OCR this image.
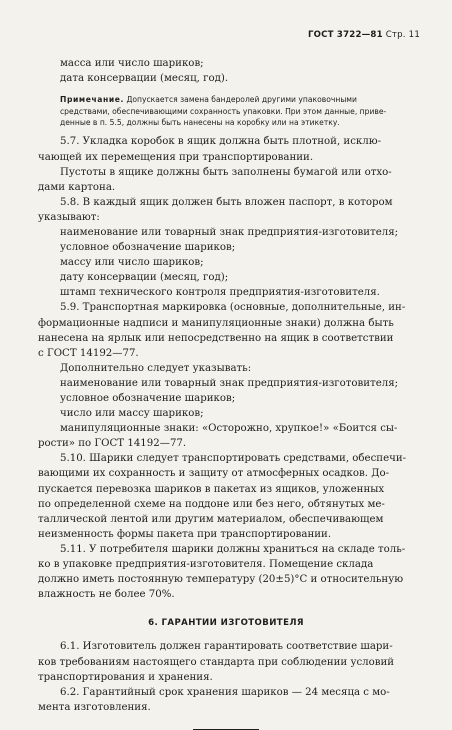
ГОСТ 3722—81 Стр. 11
масса или число шариков;
дата консервации (месяц, год).
Примечание. Допускается замена бандеролей другими упаковочными
средствами, обеспечивающими сохранность упаковки. При этом данные, приве-
денные в п. 5.5, должны быть нанесены на коробку или на этикетку.
5.7. Укладка коробок в ящик должна быть плотной, исклю-
чающей их перемещения при транспортировании.
Пустоты в ящике должны быть заполнены бумагой или отхо-
дами картона.
5.8. В каждый ящик должен быть вложен паспорт, в котором
указывают:
наименование или товарный знак предприятия-изготовителя;
условное обозначение шариков;
массу или число шариков;
дату консервации (месяц, год);
штамп технического контроля предприятия-изготовителя.
5.9. Транспортная маркировка (основные, дополнительные, ин-
формационные надписи и манипуляционные знаки) должна быть
нанесена на ярлык или непосредственно на ящик в соответствии
с ГОСТ 14192—77.
Дополнительно следует указывать:
наименование или товарный знак предприятия-изготовителя;
условное обозначение шариков;
число или массу шариков;
манипуляционные знаки: «Осторожно, хрупкое!» «Боится сы-
рости» по ГОСТ 14192—77.
5.10. Шарики следует транспортировать средствами, обеспечи-
вающими их сохранность и защиту от атмосферных осадков. До-
пускается перевозка шариков в пакетах из ящиков, уложенных
по определенной схеме на поддоне или без него, обтянутых ме-
таллической лентой или другим материалом, обеспечивающем
неизменность формы пакета при транспортировании.
5.11. У потребителя шарики должны храниться на складе толь-
ко в упаковке предприятия-изготовителя. Помещение склада
должно иметь постоянную температуру (20±5)°С и относительную
влажность не более 70%.
6. ГАРАНТИИ ИЗГОТОВИТЕЛЯ
6.1. Изготовитель должен гарантировать соответствие шари-
ков требованиям настоящего стандарта при соблюдении условий
транспортирования и хранения.
6.2. Гарантийный срок хранения шариков — 24 месяца с мо-
мента изготовления.
